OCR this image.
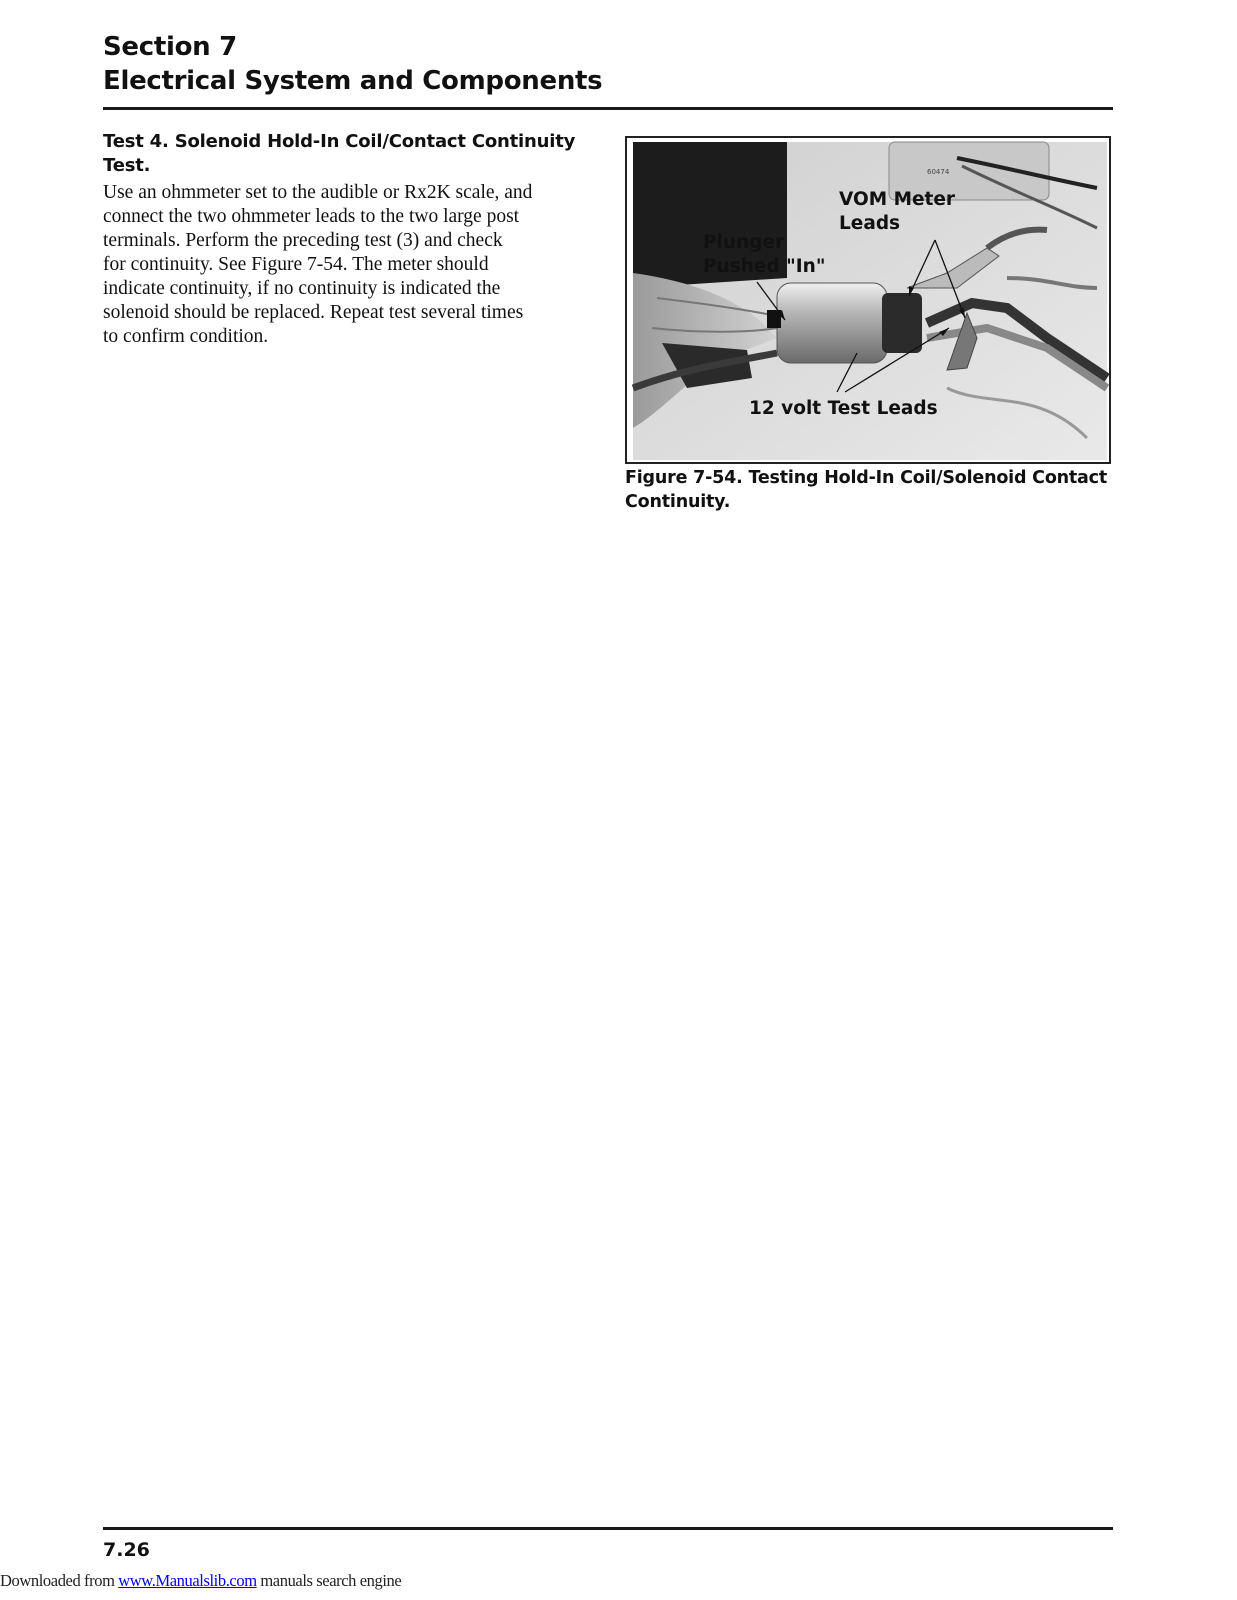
Section 7
Electrical System and Components
Test 4. Solenoid Hold-In Coil/Contact Continuity
Test.
Use an ohmmeter set to the audible or Rx2K scale, and
connect the two ohmmeter leads to the two large post
terminals. Perform the preceding test (3) and check
for continuity. See Figure 7-54. The meter should
indicate continuity, if no continuity is indicated the
solenoid should be replaced. Repeat test several times
to confirm condition.
60474
VOM Meter
Leads
Plunger
Pushed "In"
12 volt Test Leads
Figure 7-54. Testing Hold-In Coil/Solenoid Contact
Continuity.
7.26
Downloaded from www.Manualslib.com manuals search engine
